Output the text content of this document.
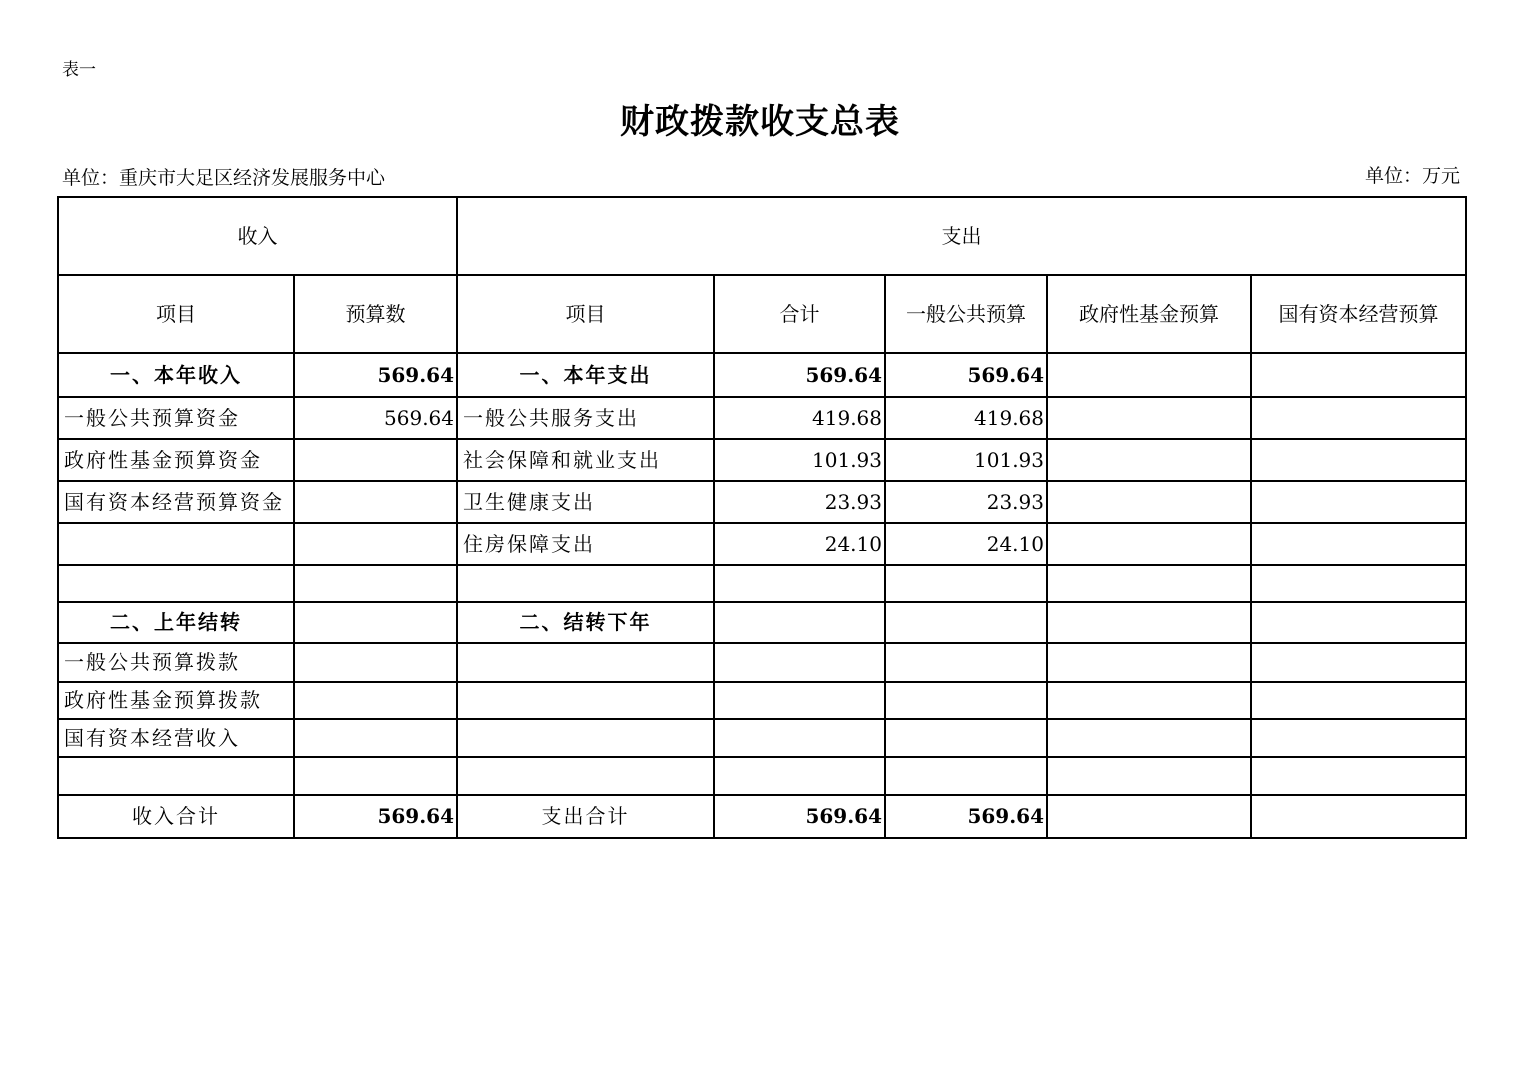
表一
财政拨款收支总表
单位：重庆市大足区经济发展服务中心	单位：万元
收入		支出				
项目	预算数	项目	合计	一般公共预算	政府性基金预算	国有资本经营预算
一、本年收入	569.64	一、本年支出	569.64	569.64		
一般公共预算资金	569.64	一般公共服务支出	419.68	419.68		
政府性基金预算资金		社会保障和就业支出	101.93	101.93		
国有资本经营预算资金		卫生健康支出	23.93	23.93		
		住房保障支出	24.10	24.10		

二、上年结转		二、结转下年				
一般公共预算拨款						
政府性基金预算拨款						
国有资本经营收入						

收入合计	569.64	支出合计	569.64	569.64		
